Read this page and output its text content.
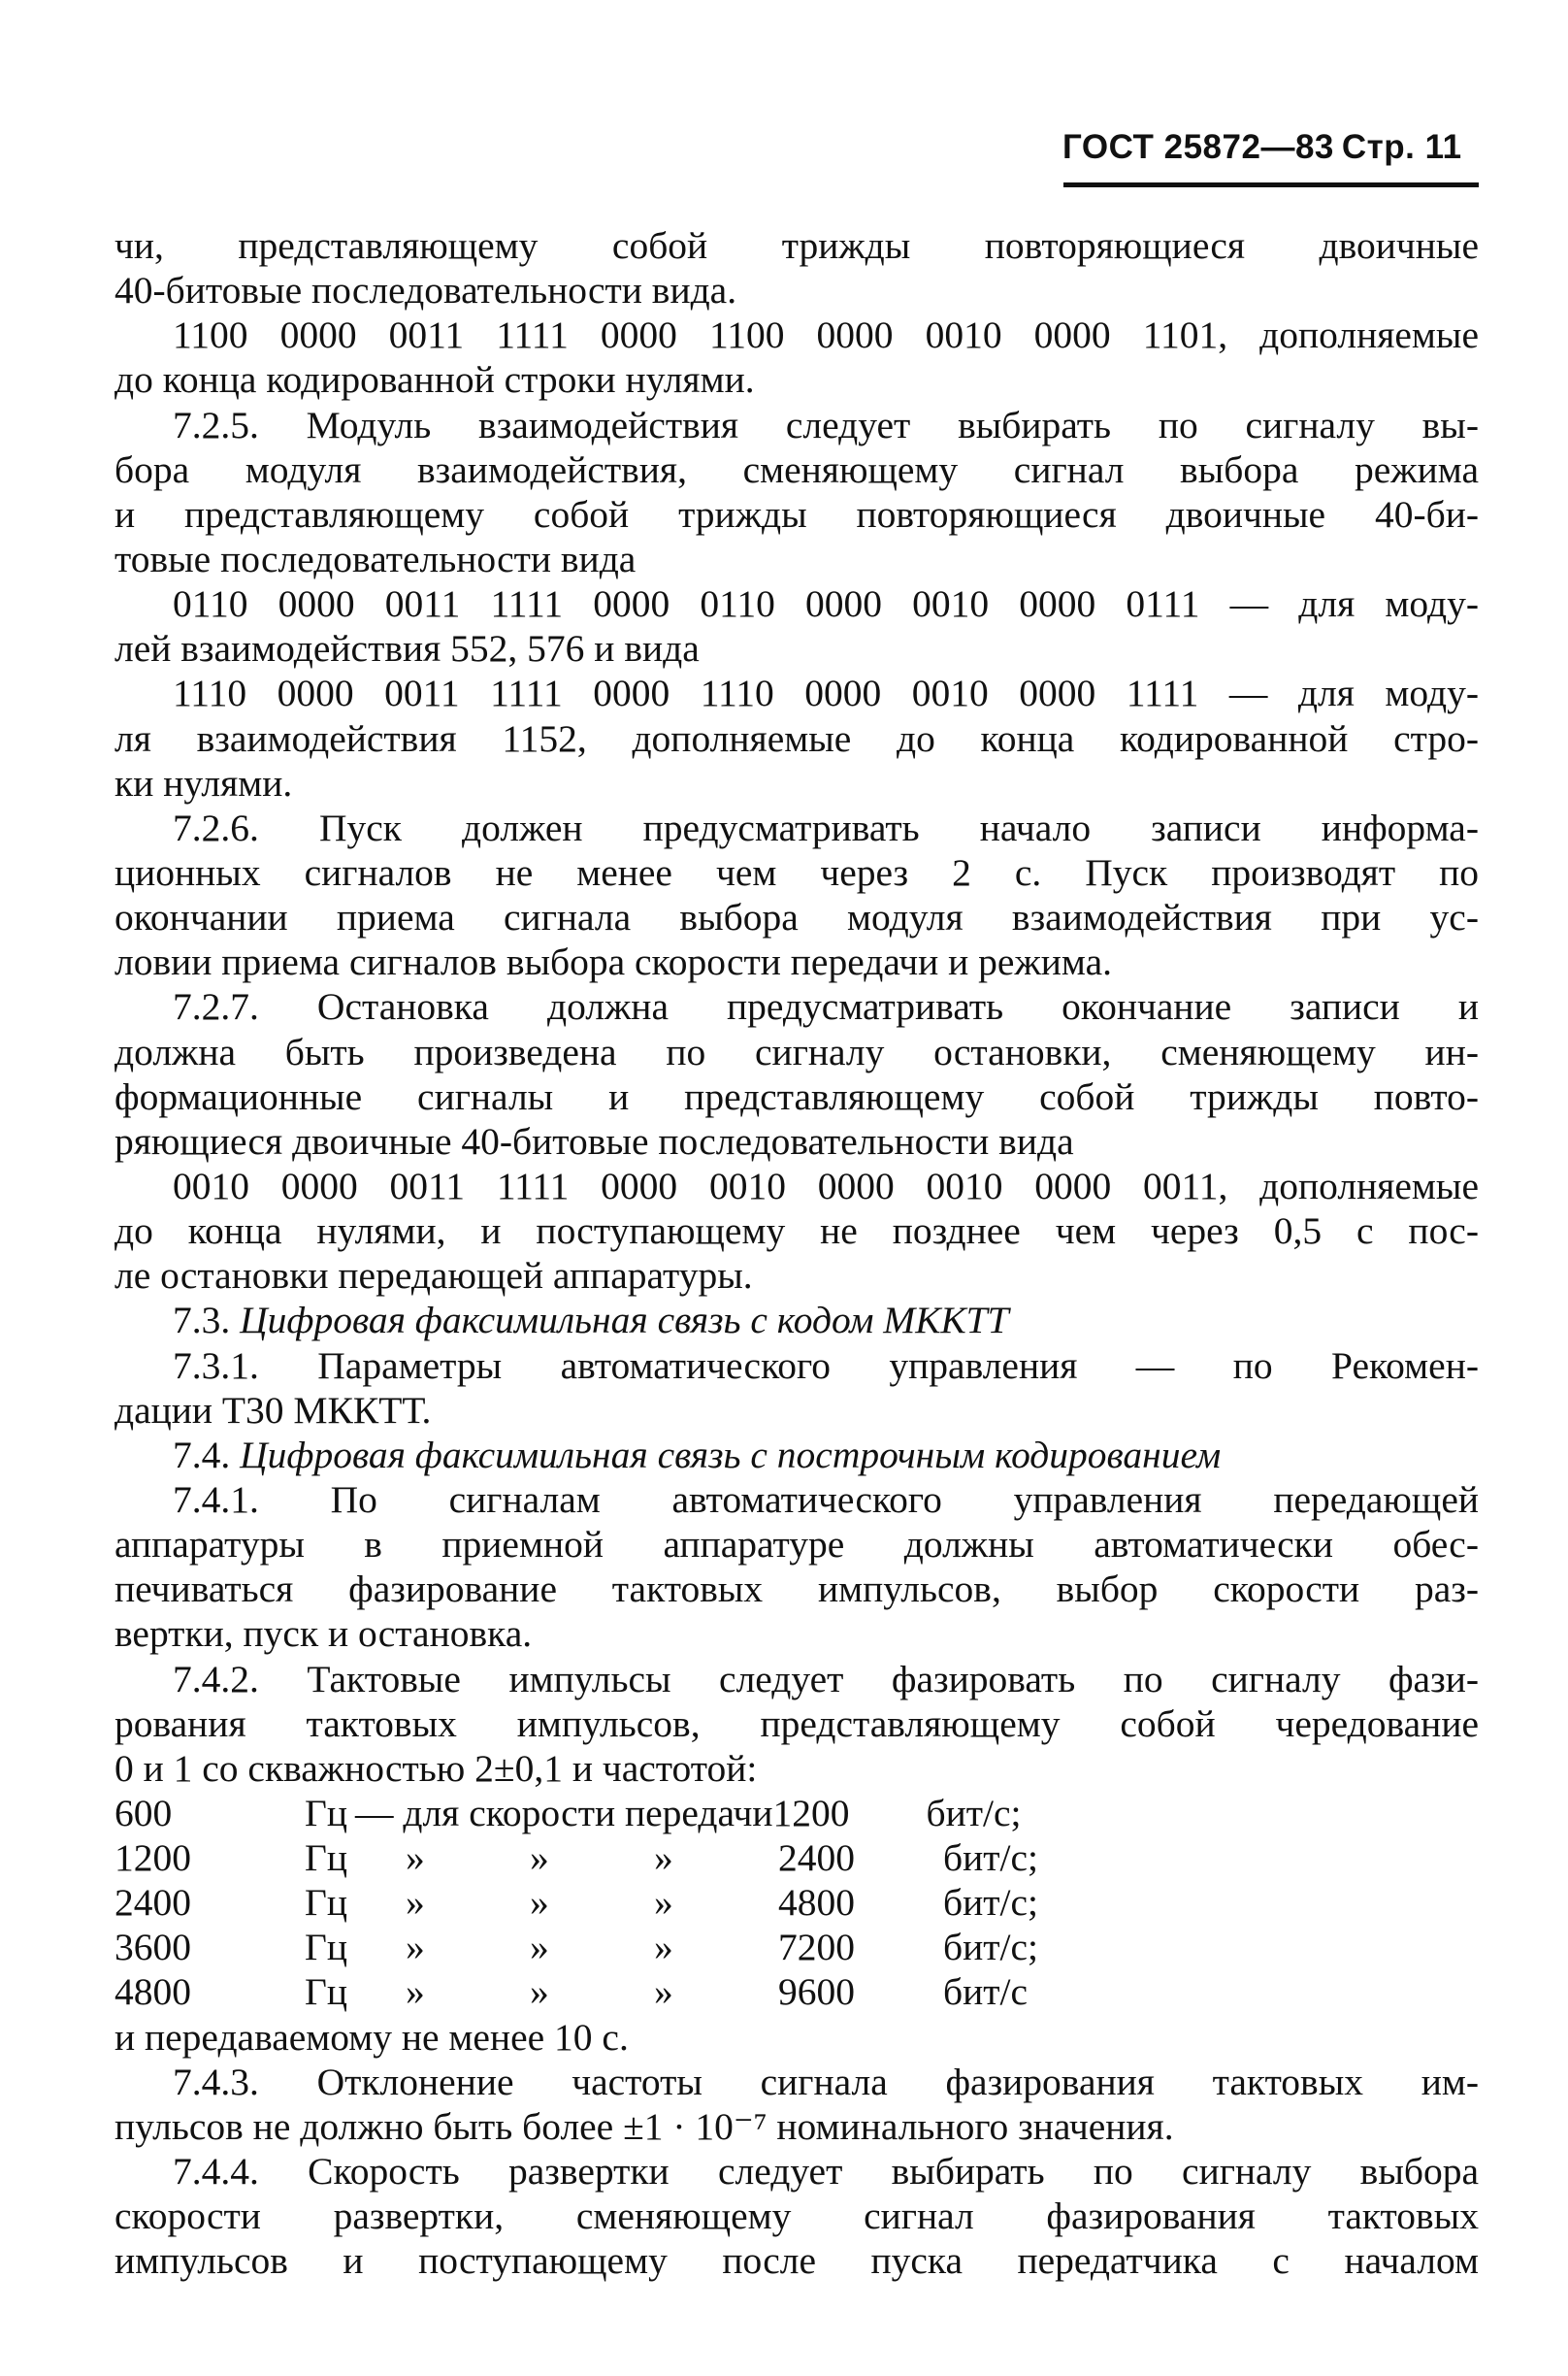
ГОСТ 25872—83 Стр. 11
чи, представляющему собой трижды повторяющиеся двоичные
40-битовые последовательности вида.
1100 0000 0011 1111 0000 1100 0000 0010 0000 1101, дополняемые
до конца кодированной строки нулями.
7.2.5. Модуль взаимодействия следует выбирать по сигналу вы-
бора модуля взаимодействия, сменяющему сигнал выбора режима
и представляющему собой трижды повторяющиеся двоичные 40-би-
товые последовательности вида
0110 0000 0011 1111 0000 0110 0000 0010 0000 0111 — для моду-
лей взаимодействия 552, 576 и вида
1110 0000 0011 1111 0000 1110 0000 0010 0000 1111 — для моду-
ля взаимодействия 1152, дополняемые до конца кодированной стро-
ки нулями.
7.2.6. Пуск должен предусматривать начало записи информа-
ционных сигналов не менее чем через 2 с. Пуск производят по
окончании приема сигнала выбора модуля взаимодействия при ус-
ловии приема сигналов выбора скорости передачи и режима.
7.2.7. Остановка должна предусматривать окончание записи и
должна быть произведена по сигналу остановки, сменяющему ин-
формационные сигналы и представляющему собой трижды повто-
ряющиеся двоичные 40-битовые последовательности вида
0010 0000 0011 1111 0000 0010 0000 0010 0000 0011, дополняемые
до конца нулями, и поступающему не позднее чем через 0,5 с пос-
ле остановки передающей аппаратуры.
7.3. Цифровая факсимильная связь с кодом МККТТ
7.3.1. Параметры автоматического управления — по Рекомен-
дации Т30 МККТТ.
7.4. Цифровая факсимильная связь с построчным кодированием
7.4.1. По сигналам автоматического управления передающей
аппаратуры в приемной аппаратуре должны автоматически обес-
печиваться фазирование тактовых импульсов, выбор скорости раз-
вертки, пуск и остановка.
7.4.2. Тактовые импульсы следует фазировать по сигналу фази-
рования тактовых импульсов, представляющему собой чередование
0 и 1 со скважностью 2±0,1 и частотой:
600	Гц — для скорости передачи1200 бит/с;
1200	Гц »	»	»	2400 бит/с;
2400	Гц »	»	»	4800 бит/с;
3600	Гц »	»	»	7200 бит/с;
4800	Гц »	»	»	9600 бит/с
и передаваемому не менее 10 с.
7.4.3. Отклонение частоты сигнала фазирования тактовых им-
пульсов не должно быть более ±1 · 10⁻⁷ номинального значения.
7.4.4. Скорость развертки следует выбирать по сигналу выбора
скорости развертки, сменяющему сигнал фазирования тактовых
импульсов и поступающему после пуска передатчика с началом
